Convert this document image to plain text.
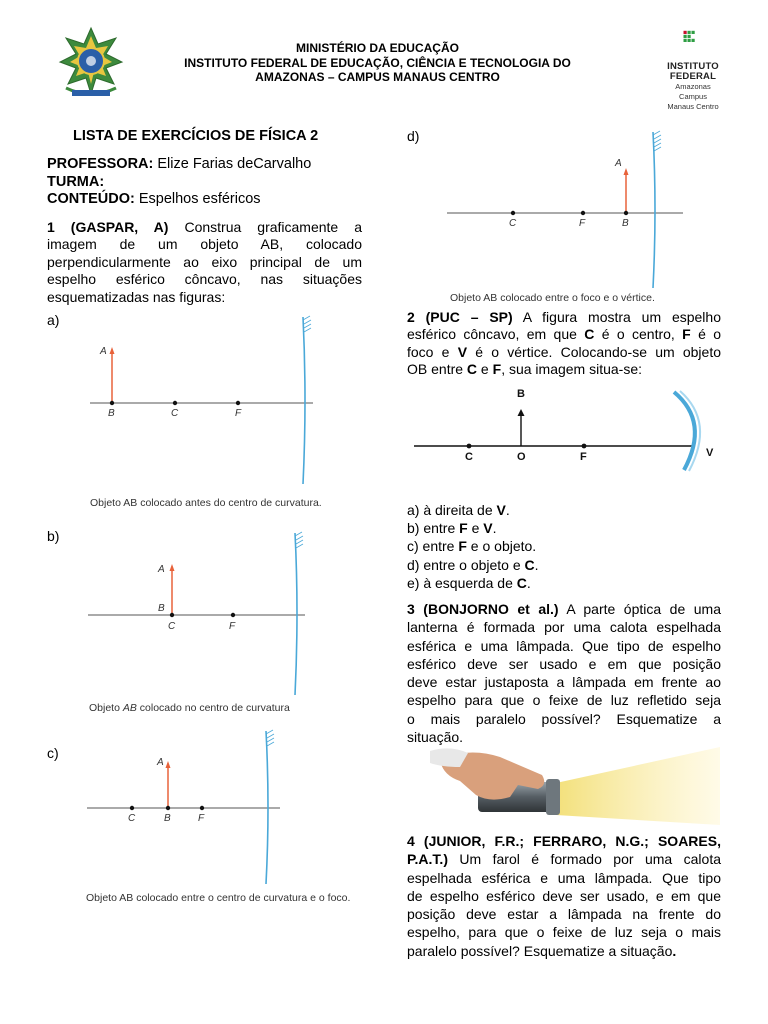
MINISTÉRIO DA EDUCAÇÃO
INSTITUTO FEDERAL DE EDUCAÇÃO, CIÊNCIA E TECNOLOGIA DO
AMAZONAS – CAMPUS MANAUS CENTRO
INSTITUTO
FEDERAL
Amazonas
Campus
Manaus Centro
LISTA DE EXERCÍCIOS DE FÍSICA 2
PROFESSORA: Elize Farias deCarvalho
TURMA:
CONTEÚDO: Espelhos esféricos
1 (GASPAR, A) Construa graficamente a
imagem de um objeto AB, colocado
perpendicularmente ao eixo principal de um
espelho esférico côncavo, nas situações
esquematizadas nas figuras:
a)
A
B	C	F
Objeto AB colocado antes do centro de curvatura.
b)
A
B
C	F
Objeto AB colocado no centro de curvatura
c)
A
C	B	F
Objeto AB colocado entre o centro de curvatura e o foco.
d)
A
C	F	B
Objeto AB colocado entre o foco e o vértice.
2 (PUC – SP) A figura mostra um espelho
esférico côncavo, em que C é o centro, F é o
foco e V é o vértice. Colocando-se um objeto
OB entre C e F, sua imagem situa-se:
B
C	O	F	V
a) à direita de V.
b) entre F e V.
c) entre F e o objeto.
d) entre o objeto e C.
e) à esquerda de C.
3 (BONJORNO et al.) A parte óptica de uma
lanterna é formada por uma calota espelhada
esférica e uma lâmpada. Que tipo de espelho
esférico deve ser usado e em que posição
deve estar justaposta a lâmpada em frente ao
espelho para que o feixe de luz refletido seja
o mais paralelo possível? Esquematize a
situação.
4 (JUNIOR, F.R.; FERRARO, N.G.; SOARES,
P.A.T.) Um farol é formado por uma calota
espelhada esférica e uma lâmpada. Que tipo
de espelho esférico deve ser usado, e em que
posição deve estar a lâmpada na frente do
espelho, para que o feixe de luz seja o mais
paralelo possível? Esquematize a situação.
